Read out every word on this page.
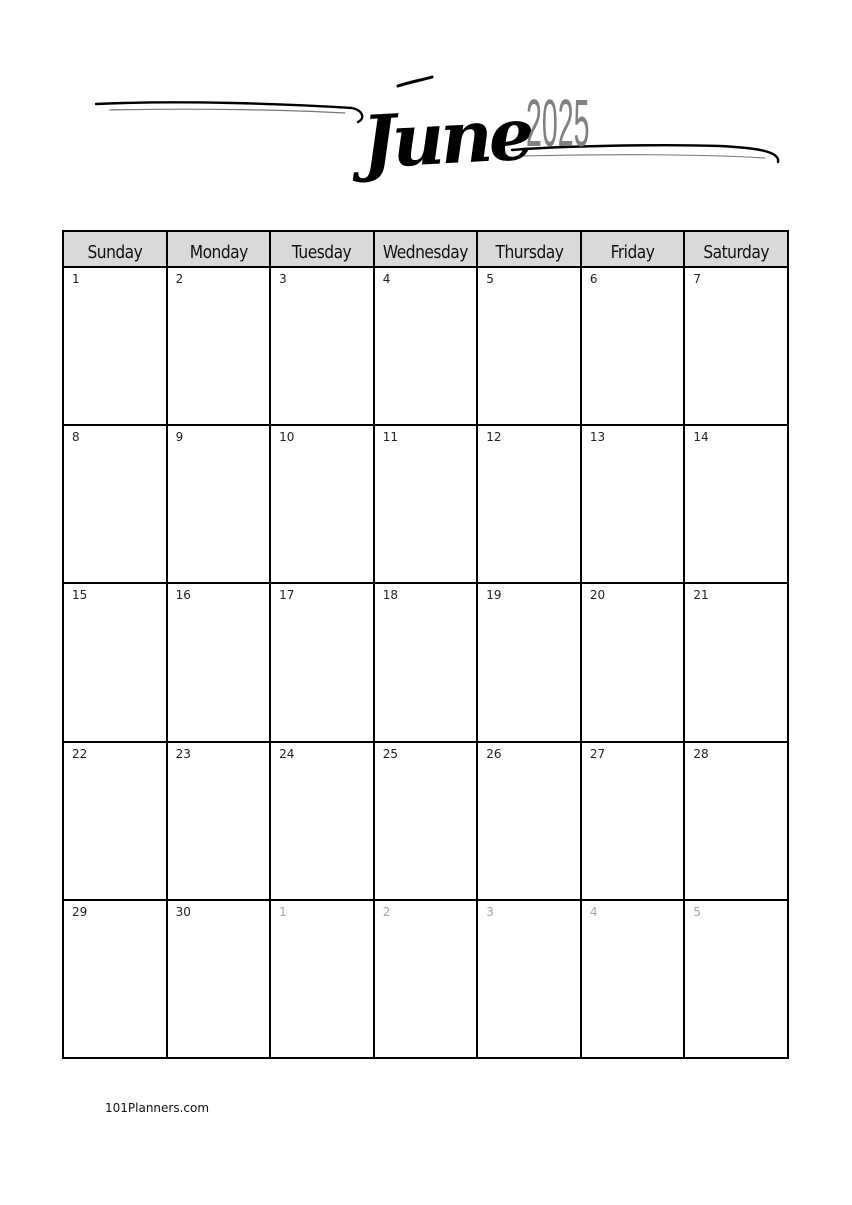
June
2025
Sunday	Monday	Tuesday	Wednesday	Thursday	Friday	Saturday

1	2	3	4	5	6	7

8	9	10	11	12	13	14

15	16	17	18	19	20	21

22	23	24	25	26	27	28

29	30	1	2	3	4	5
101Planners.com
